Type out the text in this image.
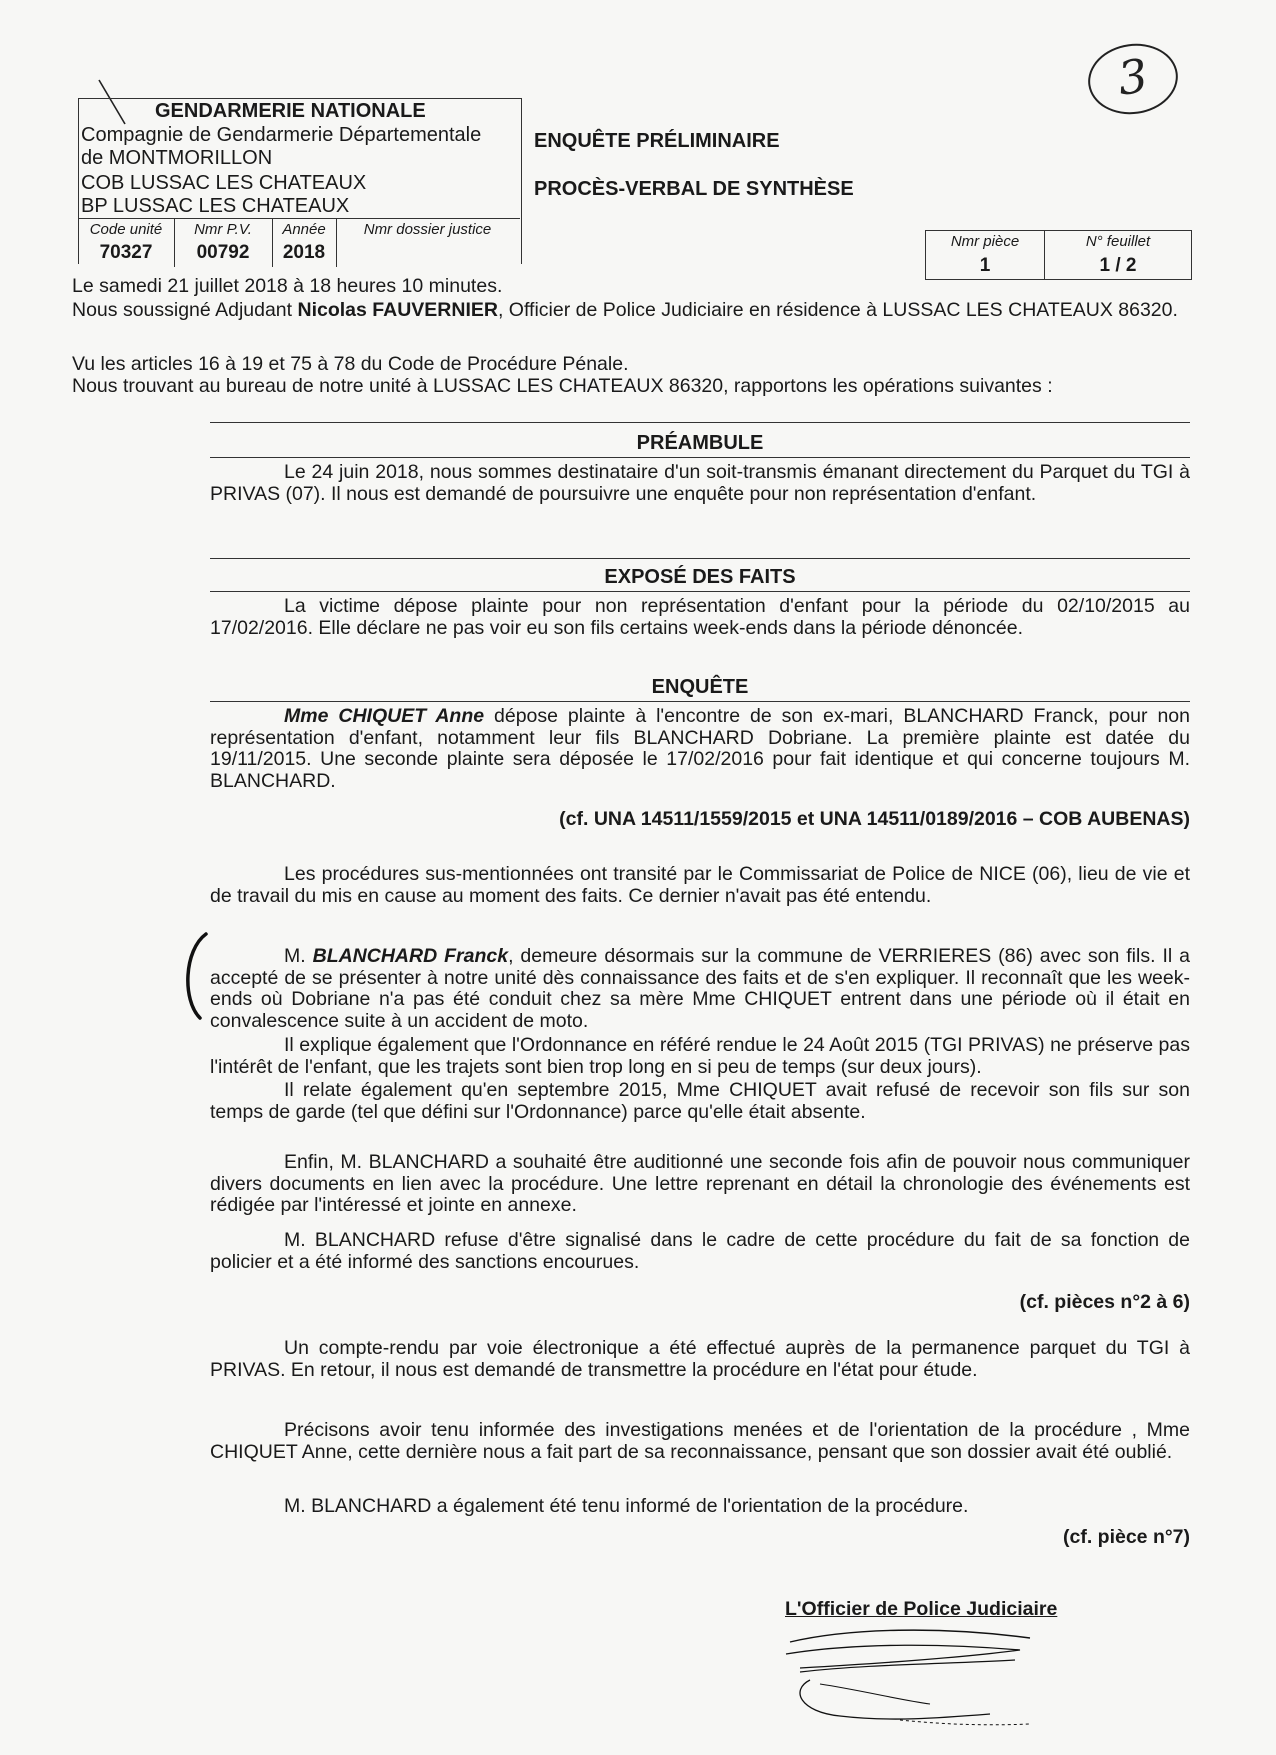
3
GENDARMERIE NATIONALE
Compagnie de Gendarmerie Départementale
de MONTMORILLON
COB LUSSAC LES CHATEAUX
BP LUSSAC LES CHATEAUX
Code unité
70327
Nmr P.V.
00792
Année
2018
Nmr dossier justice
ENQUÊTE PRÉLIMINAIRE
PROCÈS-VERBAL DE SYNTHÈSE
Nmr pièce
1
N° feuillet
1 / 2
Le samedi 21 juillet 2018 à 18 heures 10 minutes.
Nous soussigné Adjudant Nicolas FAUVERNIER, Officier de Police Judiciaire en résidence à LUSSAC LES CHATEAUX 86320.
Vu les articles 16 à 19 et 75 à 78 du Code de Procédure Pénale.
Nous trouvant au bureau de notre unité à LUSSAC LES CHATEAUX 86320, rapportons les opérations suivantes :
PRÉAMBULE
Le 24 juin 2018, nous sommes destinataire d'un soit-transmis émanant directement du Parquet du TGI à PRIVAS (07). Il nous est demandé de poursuivre une enquête pour non représentation d'enfant.
EXPOSÉ DES FAITS
La victime dépose plainte pour non représentation d'enfant pour la période du 02/10/2015 au 17/02/2016. Elle déclare ne pas voir eu son fils certains week-ends dans la période dénoncée.
ENQUÊTE
Mme CHIQUET Anne dépose plainte à l'encontre de son ex-mari, BLANCHARD Franck, pour non représentation d'enfant, notamment leur fils BLANCHARD Dobriane. La première plainte est datée du 19/11/2015. Une seconde plainte sera déposée le 17/02/2016 pour fait identique et qui concerne toujours M. BLANCHARD.
(cf. UNA 14511/1559/2015 et UNA 14511/0189/2016 – COB AUBENAS)
Les procédures sus-mentionnées ont transité par le Commissariat de Police de NICE (06), lieu de vie et de travail du mis en cause au moment des faits. Ce dernier n'avait pas été entendu.
M. BLANCHARD Franck, demeure désormais sur la commune de VERRIERES (86) avec son fils. Il a accepté de se présenter à notre unité dès connaissance des faits et de s'en expliquer. Il reconnaît que les week-ends où Dobriane n'a pas été conduit chez sa mère Mme CHIQUET entrent dans une période où il était en convalescence suite à un accident de moto.
Il explique également que l'Ordonnance en référé rendue le 24 Août 2015 (TGI PRIVAS) ne préserve pas l'intérêt de l'enfant, que les trajets sont bien trop long en si peu de temps (sur deux jours).
Il relate également qu'en septembre 2015, Mme CHIQUET avait refusé de recevoir son fils sur son temps de garde (tel que défini sur l'Ordonnance) parce qu'elle était absente.
Enfin, M. BLANCHARD a souhaité être auditionné une seconde fois afin de pouvoir nous communiquer divers documents en lien avec la procédure. Une lettre reprenant en détail la chronologie des événements est rédigée par l'intéressé et jointe en annexe.
M. BLANCHARD refuse d'être signalisé dans le cadre de cette procédure du fait de sa fonction de policier et a été informé des sanctions encourues.
(cf. pièces n°2 à 6)
Un compte-rendu par voie électronique a été effectué auprès de la permanence parquet du TGI à PRIVAS. En retour, il nous est demandé de transmettre la procédure en l'état pour étude.
Précisons avoir tenu informée des investigations menées et de l'orientation de la procédure , Mme CHIQUET Anne, cette dernière nous a fait part de sa reconnaissance, pensant que son dossier avait été oublié.
M. BLANCHARD a également été tenu informé de l'orientation de la procédure.
(cf. pièce n°7)
L'Officier de Police Judiciaire
